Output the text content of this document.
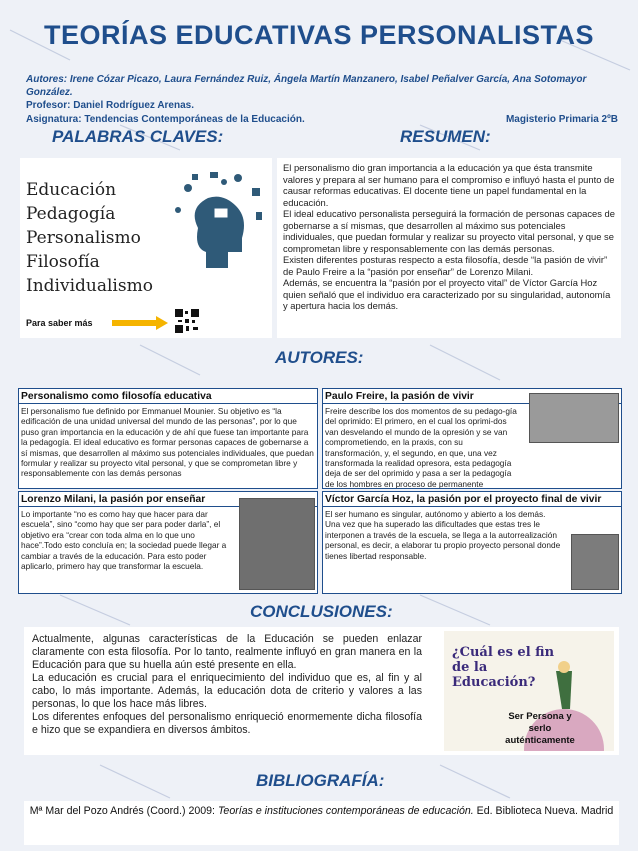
TEORÍAS EDUCATIVAS PERSONALISTAS
Autores: Irene Cózar Picazo, Laura Fernández Ruiz, Ángela Martín Manzanero, Isabel Peñalver García, Ana Sotomayor González.
Profesor: Daniel Rodríguez Arenas.
Asignatura: Tendencias Contemporáneas de la Educación.	Magisterio Primaria 2ºB
PALABRAS CLAVES:
Educación
Pedagogía
Personalismo
Filosofía
Individualismo
Para saber más
RESUMEN:

El personalismo dio gran importancia a la educación ya que ésta transmite valores y prepara al ser humano para el compromiso e influyó hasta el punto de causar reformas educativas. El docente tiene un papel fundamental en la educación.

El ideal educativo personalista perseguirá la formación de personas capaces de gobernarse a sí mismas, que desarrollen al máximo sus potenciales individuales, que puedan formular y realizar su proyecto vital personal, y que se comprometan libre y responsablemente con las demás personas.

Existen diferentes posturas respecto a esta filosofía, desde “la pasión de vivir” de Paulo Freire a la “pasión por enseñar” de Lorenzo Milani.

Además, se encuentra la “pasión por el proyecto vital” de Víctor García Hoz quien señaló que el individuo era caracterizado por su singularidad, autonomía y apertura hacia los demás.

AUTORES:
Personalismo como filosofía educativa
El personalismo fue definido por Emmanuel Mounier. Su objetivo es “la edificación de una unidad universal del mundo de las personas”, por lo que puso gran importancia en la educación y de ahí que fuese tan importante para la pedagogía. El ideal educativo es formar personas capaces de gobernarse a sí mismas, que desarrollen al máximo sus potenciales individuales, que puedan formular y realizar su proyecto vital personal, y que se comprometan libre y responsablemente con las demás personas
Paulo Freire, la pasión de vivir
Freire describe los dos momentos de su pedago-gía del oprimido: El primero, en el cual los oprimi-dos van desvelando el mundo de la opresión y se van comprometiendo, en la praxis, con su transformación, y, el segundo, en que, una vez transformada la realidad opresora, esta pedagogía deja de ser del oprimido y pasa a ser la pedagogía de los hombres en proceso de permanente
Lorenzo Milani, la pasión por enseñar
Lo importante “no es como hay que hacer para dar escuela”, sino “como hay que ser para poder darla”, el objetivo era “crear con toda alma en lo que uno hace”.Todo esto concluía en; la sociedad puede llegar a cambiar a través de la educación. Para esto poder aplicarlo, primero hay que transformar la escuela.
Víctor García Hoz, la pasión por el proyecto final de vivir
El ser humano es singular, autónomo y abierto a los demás. Una vez que ha superado las dificultades que estas tres le interponen a través de la escuela, se llega a la autorrealización personal, es decir, a elaborar tu propio proyecto personal donde tienes libertad responsable.
CONCLUSIONES:

Actualmente, algunas características de la Educación se pueden enlazar claramente con esta filosofía. Por lo tanto, realmente influyó en gran manera en la Educación para que su huella aún esté presente en ella.

La educación es crucial para el enriquecimiento del individuo que es, al fin y al cabo, lo más importante. Además, la educación dota de criterio y valores a las personas, lo que los hace más libres.

Los diferentes enfoques del personalismo enriqueció enormemente dicha filosofía e hizo que se expandiera en diversos ámbitos.

¿Cuál es el fin de la Educación?
Ser Persona y serlo auténticamente
BIBLIOGRAFÍA:
Mª Mar del Pozo Andrés (Coord.) 2009: Teorías e instituciones contemporáneas de educación. Ed. Biblioteca Nueva. Madrid
